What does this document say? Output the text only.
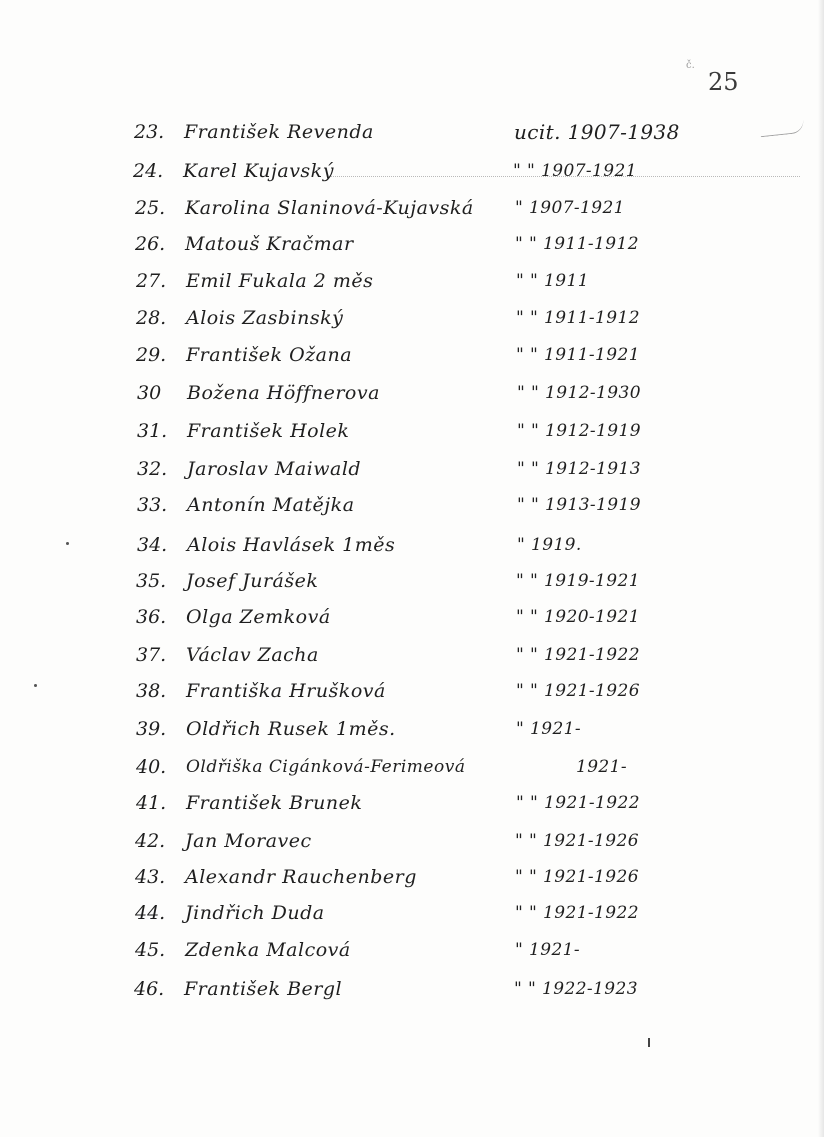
č.
25
23. František Revenda	ucit. 1907-1938
24. Karel Kujavský	" " 1907-1921
25. Karolina Slaninová-Kujavská " 1907-1921
26. Matouš Kračmar	" " 1911-1912
27. Emil Fukala 2 měs	" " 1911
28. Alois Zasbinský	" " 1911-1912
29. František Ožana	" " 1911-1921
30 Božena Höffnerova	" " 1912-1930
31. František Holek	" " 1912-1919
32. Jaroslav Maiwald	" " 1912-1913
33. Antonín Matějka	" " 1913-1919
34. Alois Havlásek 1měs	" 1919.
35. Josef Jurášek	" " 1919-1921
36. Olga Zemková	" " 1920-1921
37. Václav Zacha	" " 1921-1922
38. Františka Hrušková	" " 1921-1926
39. Oldřich Rusek 1měs.	" 1921-
40. Oldřiška Cigánková-Ferimeová	1921-
41. František Brunek	" " 1921-1922
42. Jan Moravec	" " 1921-1926
43. Alexandr Rauchenberg	" " 1921-1926
44. Jindřich Duda	" " 1921-1922
45. Zdenka Malcová	" 1921-
46. František Bergl	" " 1922-1923
